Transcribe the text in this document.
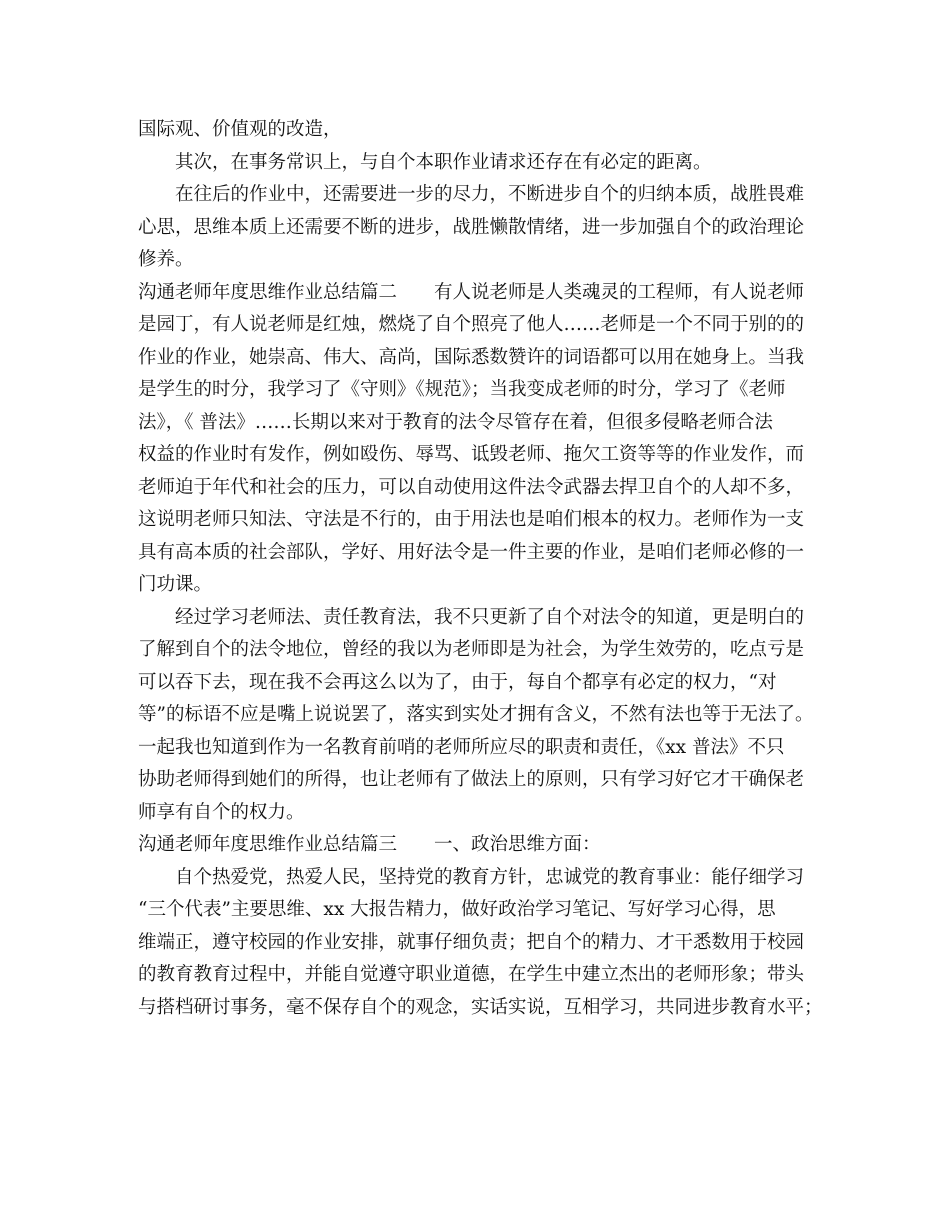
国际观、价值观的改造，
其次，在事务常识上，与自个本职作业请求还存在有必定的距离。
在往后的作业中，还需要进一步的尽力，不断进步自个的归纳本质，战胜畏难
心思，思维本质上还需要不断的进步，战胜懒散情绪，进一步加强自个的政治理论
修养。
沟通老师年度思维作业总结篇二　　有人说老师是人类魂灵的工程师，有人说老师
是园丁，有人说老师是红烛，燃烧了自个照亮了他人……老师是一个不同于别的的
作业的作业，她崇高、伟大、高尚，国际悉数赞许的词语都可以用在她身上。当我
是学生的时分，我学习了《守则》《规范》；当我变成老师的时分，学习了《老师
法》，《 普法》……长期以来对于教育的法令尽管存在着，但很多侵略老师合法
权益的作业时有发作，例如殴伤、辱骂、诋毁老师、拖欠工资等等的作业发作，而
老师迫于年代和社会的压力，可以自动使用这件法令武器去捍卫自个的人却不多，
这说明老师只知法、守法是不行的，由于用法也是咱们根本的权力。老师作为一支
具有高本质的社会部队，学好、用好法令是一件主要的作业，是咱们老师必修的一
门功课。
经过学习老师法、责任教育法，我不只更新了自个对法令的知道，更是明白的
了解到自个的法令地位，曾经的我以为老师即是为社会，为学生效劳的，吃点亏是
可以吞下去，现在我不会再这么以为了，由于，每自个都享有必定的权力，“对
等”的标语不应是嘴上说说罢了，落实到实处才拥有含义，不然有法也等于无法了。
一起我也知道到作为一名教育前哨的老师所应尽的职责和责任，《xx 普法》不只
协助老师得到她们的所得，也让老师有了做法上的原则，只有学习好它才干确保老
师享有自个的权力。
沟通老师年度思维作业总结篇三　　一、政治思维方面：
自个热爱党，热爱人民，坚持党的教育方针，忠诚党的教育事业：能仔细学习
“三个代表”主要思维、xx 大报告精力，做好政治学习笔记、写好学习心得，思
维端正，遵守校园的作业安排，就事仔细负责；把自个的精力、才干悉数用于校园
的教育教育过程中，并能自觉遵守职业道德，在学生中建立杰出的老师形象；带头
与搭档研讨事务，毫不保存自个的观念，实话实说，互相学习，共同进步教育水平；
